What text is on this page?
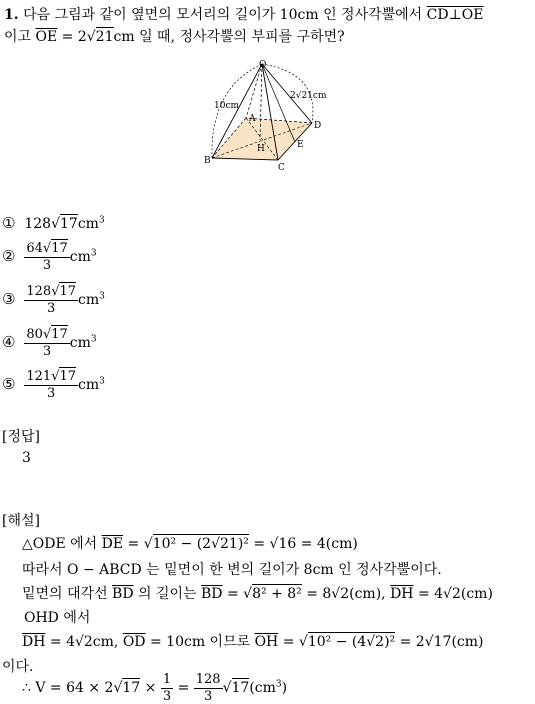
1. 다음 그림과 같이 옆면의 모서리의 길이가 10cm 인 정사각뿔에서 CD⊥OE
이고 $\overline{OE} = 2√21cm$ 일 때, 정사각뿔의 부피를 구하면?
O
A
B
C
D
E
H
10cm
2√21cm
① $128√17cm^3$
② $\frac{64√17}{3} cm^3$
③ $\frac{128√17}{3} cm^3$
④ $\frac{80√17}{3} cm^3$
⑤ $\frac{121√17}{3} cm^3$
[정답]
3
[해설]
△ODE 에서 $\overline{DE} = √10^2 - (2√21)^2 = √16 = 4(cm)$
따라서 O − ABCD 는 밑면이 한 변의 길이가 8cm 인 정사각뿔이다.
밑면의 대각선 $\overline{BD}$ 의 길이는 $\overline{BD} = √8^2 + 8^2 = 8√2(cm)$, $\overline{DH} = 4√2(cm)$
OHD 에서
$\overline{DH} = 4√2cm$, $\overline{OD} = 10cm$ 이므로 $\overline{OH} = √10^2 - (4√2)^2 = 2√17(cm)$
이다.
∴ $V = 64 \times 2√17 \times \frac{1}{3} = \frac{128}{3} √17(cm^3)$
